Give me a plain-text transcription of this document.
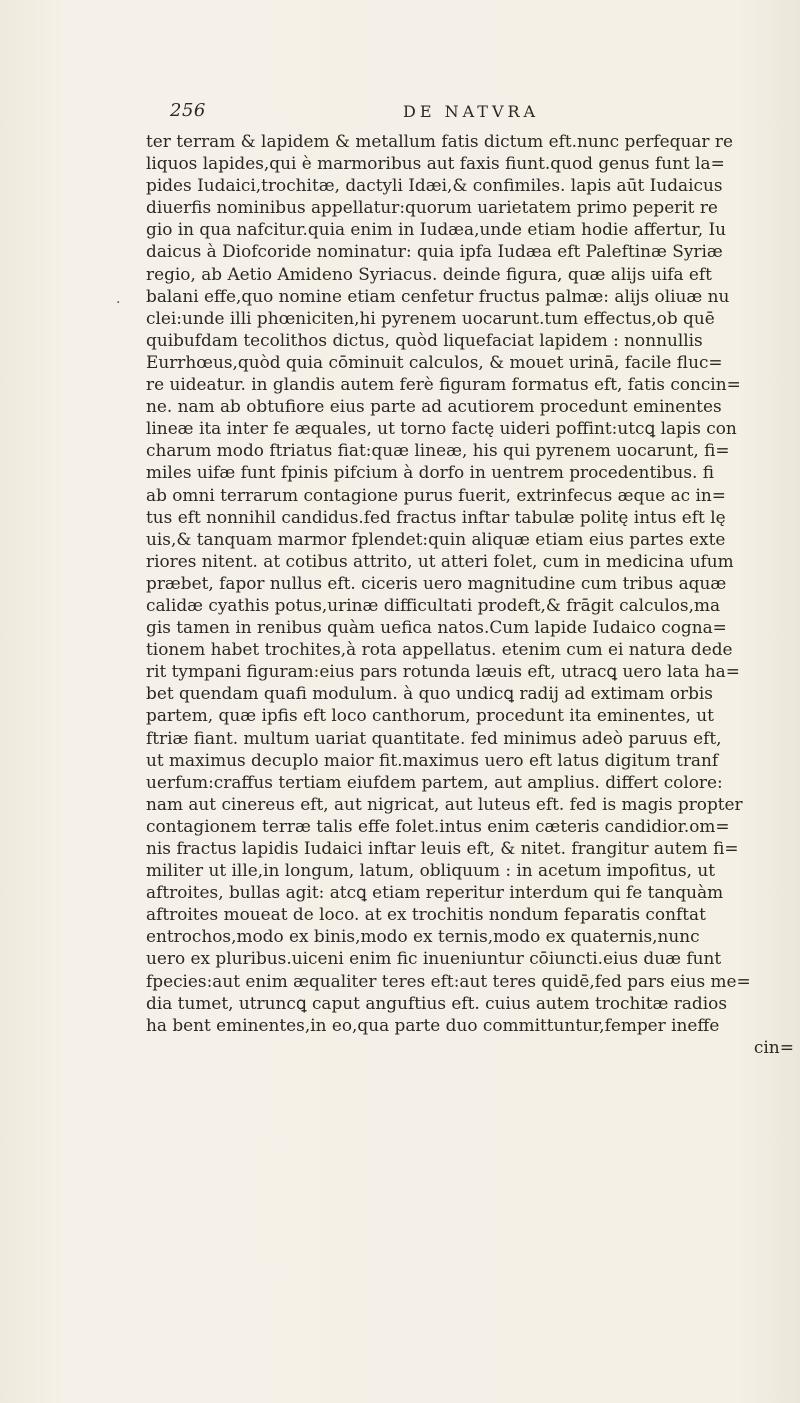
256	DE NATVRA
.
ter terram & lapidem & metallum fatis dictum eft.nunc perfequar re
liquos lapides,qui è marmoribus aut faxis fiunt.quod genus funt la=
pides Iudaici,trochitæ, dactyli Idæi,& confimiles. lapis aūt Iudaicus
diuerfis nominibus appellatur:quorum uarietatem primo peperit re
gio in qua nafcitur.quia enim in Iudæa,unde etiam hodie affertur, Iu
daicus à Diofcoride nominatur: quia ipfa Iudæa eft Paleftinæ Syriæ
regio, ab Aetio Amideno Syriacus. deinde figura, quæ alijs uifa eft
balani effe,quo nomine etiam cenfetur fructus palmæ: alijs oliuæ nu
clei:unde illi phœniciten,hi pyrenem uocarunt.tum effectus,ob quē
quibufdam tecolithos dictus, quòd liquefaciat lapidem : nonnullis
Eurrhœus,quòd quia cōminuit calculos, & mouet urinā, facile fluc=
re uideatur. in glandis autem ferè figuram formatus eft, fatis concin=
ne. nam ab obtufiore eius parte ad acutiorem procedunt eminentes
lineæ ita inter fe æquales, ut torno factę uideri poffint:utcꝗ lapis con
charum modo ftriatus fiat:quæ lineæ, his qui pyrenem uocarunt, fi=
miles uifæ funt fpinis pifcium à dorfo in uentrem procedentibus. fi
ab omni terrarum contagione purus fuerit, extrinfecus æque ac in=
tus eft nonnihil candidus.fed fractus inftar tabulæ politę intus eft lę
uis,& tanquam marmor fplendet:quin aliquæ etiam eius partes exte
riores nitent. at cotibus attrito, ut atteri folet, cum in medicina ufum
præbet, fapor nullus eft. ciceris uero magnitudine cum tribus aquæ
calidæ cyathis potus,urinæ difficultati prodeft,& frāgit calculos,ma
gis tamen in renibus quàm uefica natos.Cum lapide Iudaico cogna=
tionem habet trochites,à rota appellatus. etenim cum ei natura dede
rit tympani figuram:eius pars rotunda læuis eft, utracꝗ uero lata ha=
bet quendam quafi modulum. à quo undicꝗ radij ad extimam orbis
partem, quæ ipfis eft loco canthorum, procedunt ita eminentes, ut
ftriæ fiant. multum uariat quantitate. fed minimus adeò paruus eft,
ut maximus decuplo maior fit.maximus uero eft latus digitum tranf
uerfum:craffus tertiam eiufdem partem, aut amplius. differt colore:
nam aut cinereus eft, aut nigricat, aut luteus eft. fed is magis propter
contagionem terræ talis effe folet.intus enim cæteris candidior.om=
nis fractus lapidis Iudaici inftar leuis eft, & nitet. frangitur autem fi=
militer ut ille,in longum, latum, obliquum : in acetum impofitus, ut
aftroites, bullas agit: atcꝗ etiam reperitur interdum qui fe tanquàm
aftroites moueat de loco. at ex trochitis nondum feparatis conftat
entrochos,modo ex binis,modo ex ternis,modo ex quaternis,nunc
uero ex pluribus.uiceni enim fic inueniuntur cōiuncti.eius duæ funt
fpecies:aut enim æqualiter teres eft:aut teres quidē,fed pars eius me=
dia tumet, utruncꝗ caput anguftius eft. cuius autem trochitæ radios
ha bent eminentes,in eo,qua parte duo committuntur,femper ineffe
cin=
